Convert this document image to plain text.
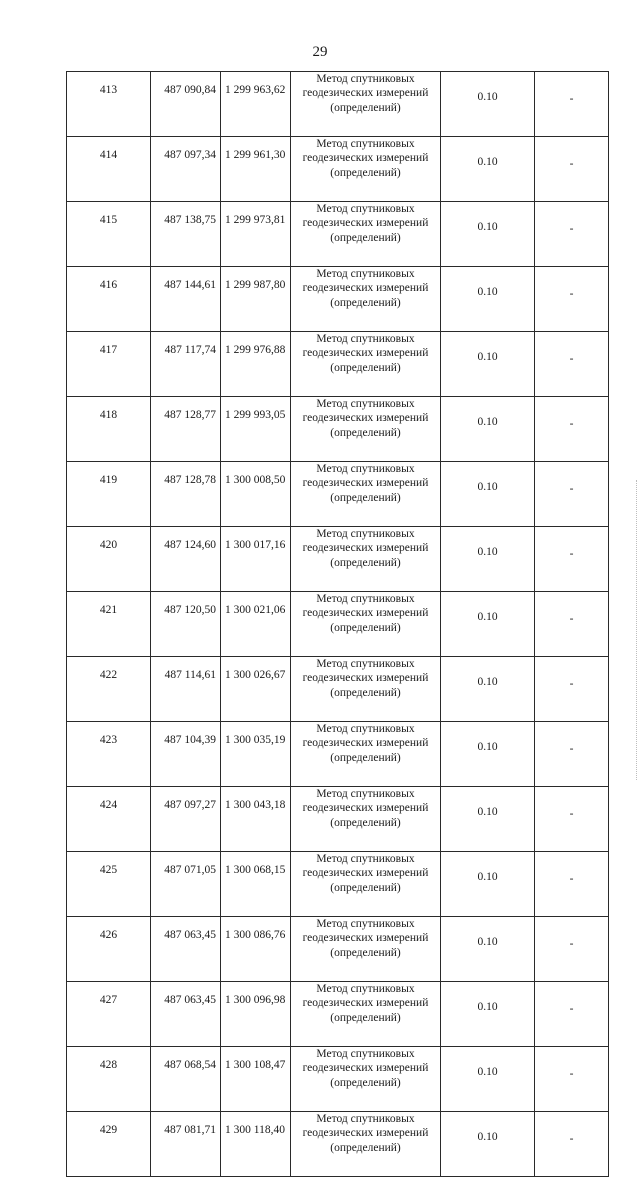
29
413	487 090,84	1 299 963,62	Метод спутниковых
геодезических измерений
(определений)	0.10	-
414	487 097,34	1 299 961,30	Метод спутниковых
геодезических измерений
(определений)	0.10	-
415	487 138,75	1 299 973,81	Метод спутниковых
геодезических измерений
(определений)	0.10	-
416	487 144,61	1 299 987,80	Метод спутниковых
геодезических измерений
(определений)	0.10	-
417	487 117,74	1 299 976,88	Метод спутниковых
геодезических измерений
(определений)	0.10	-
418	487 128,77	1 299 993,05	Метод спутниковых
геодезических измерений
(определений)	0.10	-
419	487 128,78	1 300 008,50	Метод спутниковых
геодезических измерений
(определений)	0.10	-
420	487 124,60	1 300 017,16	Метод спутниковых
геодезических измерений
(определений)	0.10	-
421	487 120,50	1 300 021,06	Метод спутниковых
геодезических измерений
(определений)	0.10	-
422	487 114,61	1 300 026,67	Метод спутниковых
геодезических измерений
(определений)	0.10	-
423	487 104,39	1 300 035,19	Метод спутниковых
геодезических измерений
(определений)	0.10	-
424	487 097,27	1 300 043,18	Метод спутниковых
геодезических измерений
(определений)	0.10	-
425	487 071,05	1 300 068,15	Метод спутниковых
геодезических измерений
(определений)	0.10	-
426	487 063,45	1 300 086,76	Метод спутниковых
геодезических измерений
(определений)	0.10	-
427	487 063,45	1 300 096,98	Метод спутниковых
геодезических измерений
(определений)	0.10	-
428	487 068,54	1 300 108,47	Метод спутниковых
геодезических измерений
(определений)	0.10	-
429	487 081,71	1 300 118,40	Метод спутниковых
геодезических измерений
(определений)	0.10	-
